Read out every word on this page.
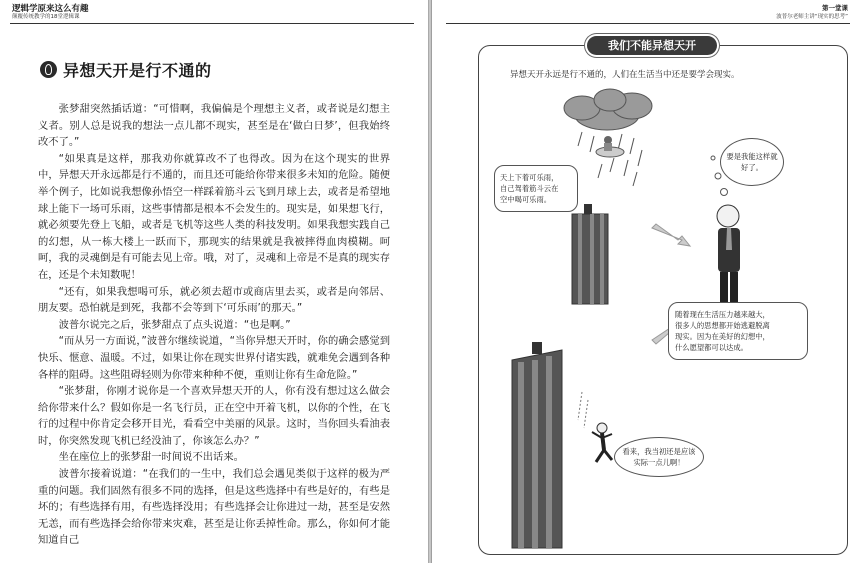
逻辑学原来这么有趣
颠覆传统教学的18堂逻辑课
异想天开是行不通的

张梦甜突然插话道：“可惜啊，我偏偏是个理想主义者，或者说是幻想主义者。别人总是说我的想法一点儿都不现实，甚至是在‘做白日梦’，但我始终改不了。”

“如果真是这样，那我劝你就算改不了也得改。因为在这个现实的世界中，异想天开永远都是行不通的，而且还可能给你带来很多未知的危险。随便举个例子，比如说我想像孙悟空一样踩着筋斗云飞到月球上去，或者是希望地球上能下一场可乐雨，这些事情都是根本不会发生的。现实是，如果想飞行，就必须要先登上飞船，或者是飞机等这些人类的科技发明。如果我想实践自己的幻想，从一栋大楼上一跃而下，那现实的结果就是我被摔得血肉模糊。呵呵，我的灵魂倒是有可能去见上帝。哦，对了，灵魂和上帝是不是真的现实存在，还是个未知数呢！

“还有，如果我想喝可乐，就必须去超市或商店里去买，或者是向邻居、朋友要。恐怕就是到死，我都不会等到下‘可乐雨’的那天。”

波普尔说完之后，张梦甜点了点头说道：“也是啊。”

“而从另一方面说，”波普尔继续说道，“当你异想天开时，你的确会感觉到快乐、惬意、温暖。不过，如果让你在现实世界付诸实践，就难免会遇到各种各样的阻碍。这些阻碍轻则为你带来种种不便，重则让你有生命危险。”

“张梦甜，你刚才说你是一个喜欢异想天开的人，你有没有想过这么做会给你带来什么？假如你是一名飞行员，正在空中开着飞机，以你的个性，在飞行的过程中你肯定会移开目光，看看空中美丽的风景。这时，当你回头看油表时，你突然发现飞机已经没油了，你该怎么办？”

坐在座位上的张梦甜一时间说不出话来。

波普尔接着说道：“在我们的一生中，我们总会遇见类似于这样的极为严重的问题。我们固然有很多不同的选择，但是这些选择中有些是好的，有些是坏的；有些选择有用，有些选择没用；有些选择会让你进过一劫，甚至是安然无恙，而有些选择会给你带来灾难，甚至是让你丢掉性命。那么，你如何才能知道自己

第一堂课
波普尔老师主讲“现实的思考”
我们不能异想天开
异想天开永远是行不通的，人们在生活当中还是要学会现实。
天上下着可乐雨，
自己驾着筋斗云在
空中喝可乐雨。
要是我能这样就
好了。
随着现在生活压力越来越大，
很多人的思想都开始逃避脱离
现实。因为在美好的幻想中，
什么愿望都可以达成。
看来，我当初还是应该
实际一点儿啊！
